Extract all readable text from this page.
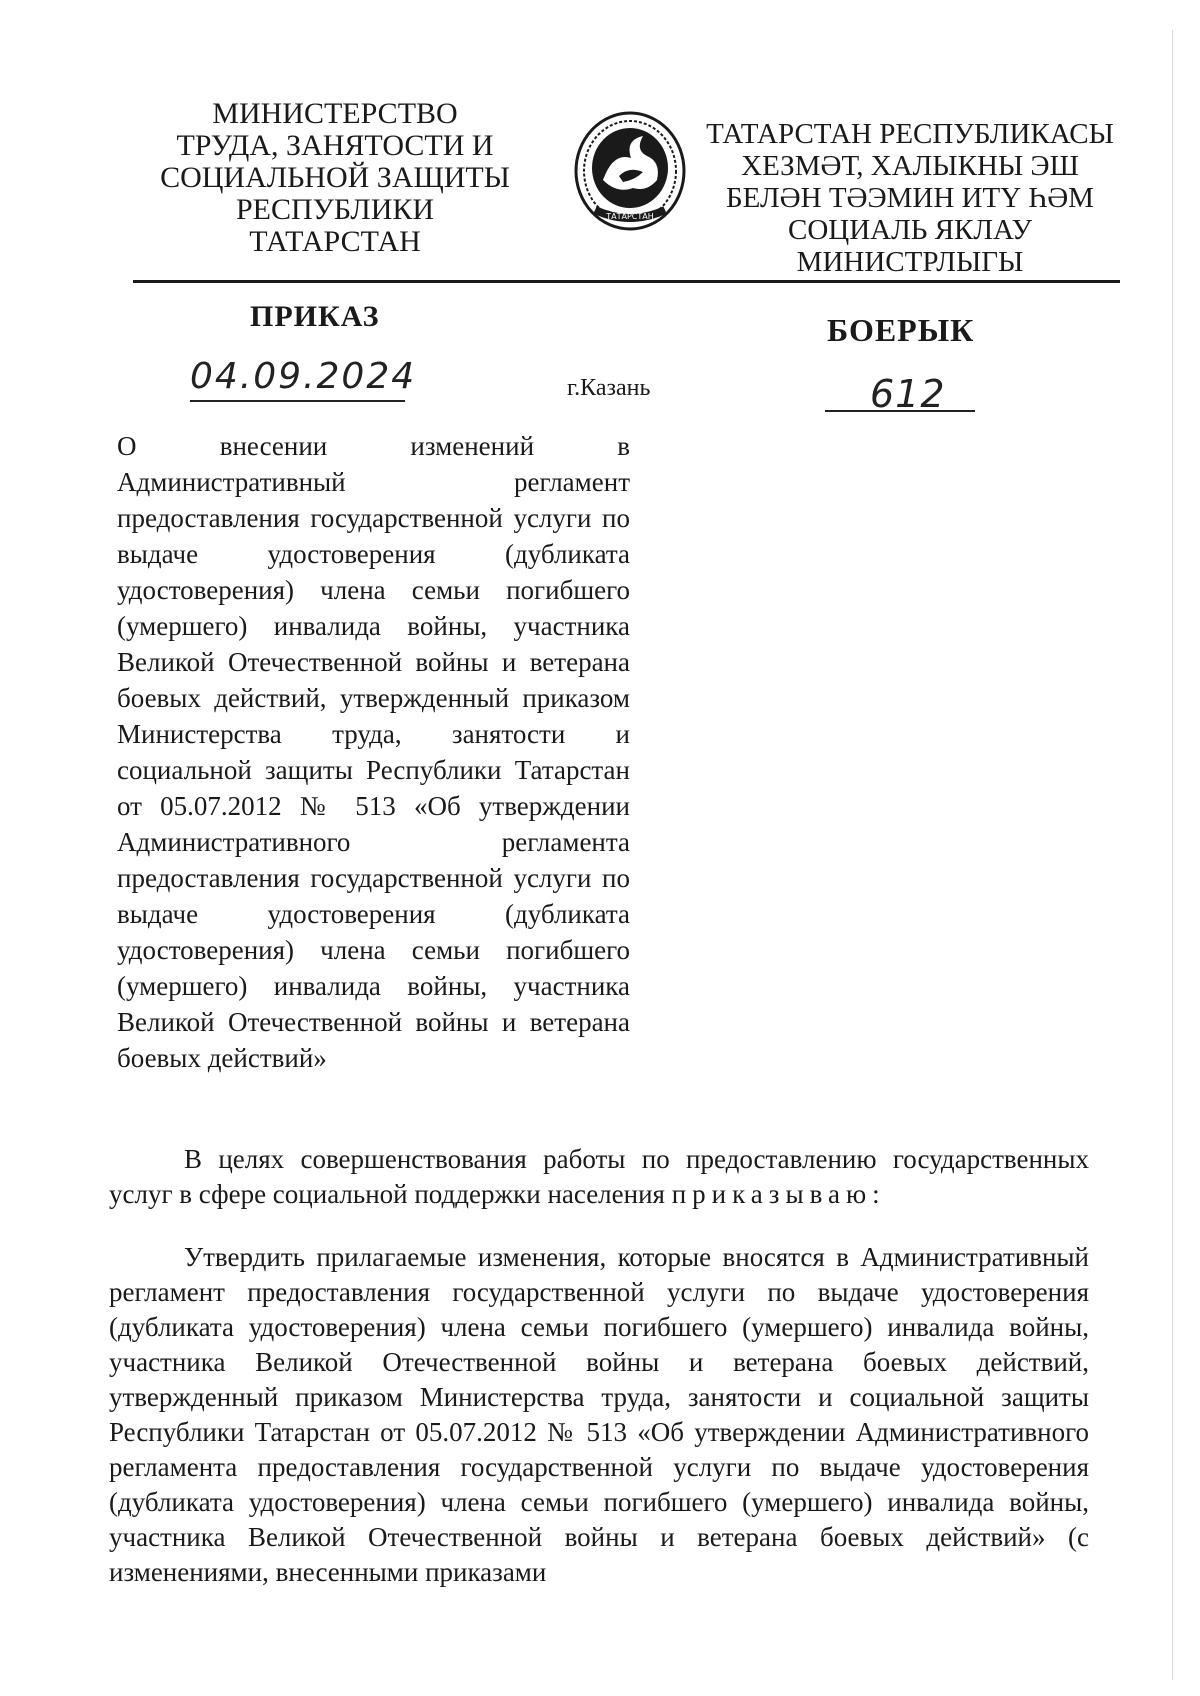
МИНИСТЕРСТВО
ТРУДА, ЗАНЯТОСТИ И
СОЦИАЛЬНОЙ ЗАЩИТЫ
РЕСПУБЛИКИ
ТАТАРСТАН
ТАТАРСТАН
ТАТАРСТАН РЕСПУБЛИКАСЫ
ХЕЗМӘТ, ХАЛЫКНЫ ЭШ
БЕЛӘН ТӘЭМИН ИТҮ ҺӘМ
СОЦИАЛЬ ЯКЛАУ
МИНИСТРЛЫГЫ
ПРИКАЗ	БОЕРЫК
04.09.2024	г.Казань	612
О внесении изменений в Административный регламент предоставления государственной услуги по выдаче удостоверения (дубликата удостоверения) члена семьи погибшего (умершего) инвалида войны, участника Великой Отечественной войны и ветерана боевых действий, утвержденный приказом Министерства труда, занятости и социальной защиты Республики Татарстан от 05.07.2012 № 513 «Об утверждении Административного регламента предоставления государственной услуги по выдаче удостоверения (дубликата удостоверения) члена семьи погибшего (умершего) инвалида войны, участника Великой Отечественной войны и ветерана боевых действий»
В целях совершенствования работы по предоставлению государственных услуг в сфере социальной поддержки населения приказываю:
Утвердить прилагаемые изменения, которые вносятся в Административный регламент предоставления государственной услуги по выдаче удостоверения (дубликата удостоверения) члена семьи погибшего (умершего) инвалида войны, участника Великой Отечественной войны и ветерана боевых действий, утвержденный приказом Министерства труда, занятости и социальной защиты Республики Татарстан от 05.07.2012 № 513 «Об утверждении Административного регламента предоставления государственной услуги по выдаче удостоверения (дубликата удостоверения) члена семьи погибшего (умершего) инвалида войны, участника Великой Отечественной войны и ветерана боевых действий» (с изменениями, внесенными приказами
